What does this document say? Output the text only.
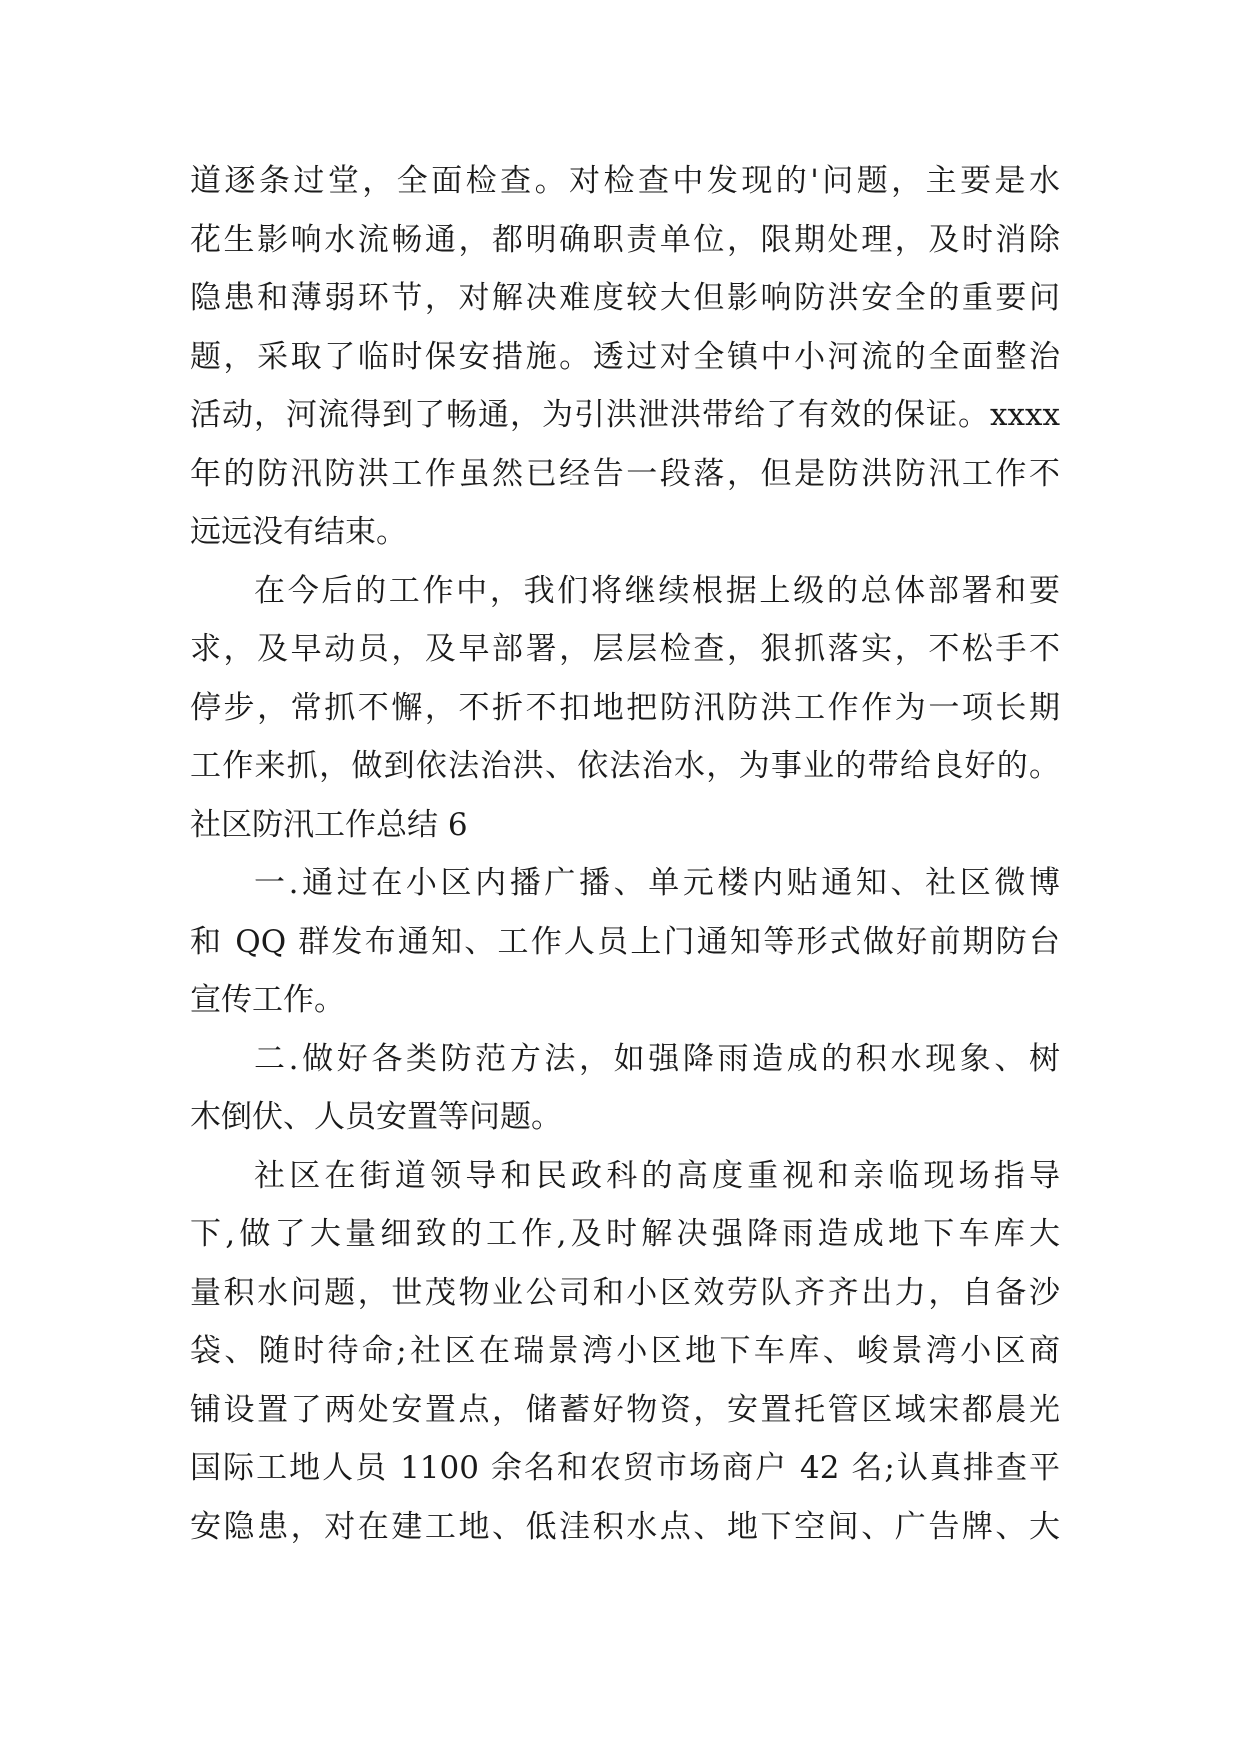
道逐条过堂，全面检查。对检查中发现的'问题，主要是水
花生影响水流畅通，都明确职责单位，限期处理，及时消除
隐患和薄弱环节，对解决难度较大但影响防洪安全的重要问
题，采取了临时保安措施。透过对全镇中小河流的全面整治
活动，河流得到了畅通，为引洪泄洪带给了有效的保证。xxxx
年的防汛防洪工作虽然已经告一段落，但是防洪防汛工作不
远远没有结束。
在今后的工作中，我们将继续根据上级的总体部署和要
求，及早动员，及早部署，层层检查，狠抓落实，不松手不
停步，常抓不懈，不折不扣地把防汛防洪工作作为一项长期
工作来抓，做到依法治洪、依法治水，为事业的带给良好的。
社区防汛工作总结 6
一.通过在小区内播广播、单元楼内贴通知、社区微博
和 QQ 群发布通知、工作人员上门通知等形式做好前期防台
宣传工作。
二.做好各类防范方法，如强降雨造成的积水现象、树
木倒伏、人员安置等问题。
社区在街道领导和民政科的高度重视和亲临现场指导
下,做了大量细致的工作,及时解决强降雨造成地下车库大
量积水问题，世茂物业公司和小区效劳队齐齐出力，自备沙
袋、随时待命;社区在瑞景湾小区地下车库、峻景湾小区商
铺设置了两处安置点，储蓄好物资，安置托管区域宋都晨光
国际工地人员 1100 余名和农贸市场商户 42 名;认真排查平
安隐患，对在建工地、低洼积水点、地下空间、广告牌、大
